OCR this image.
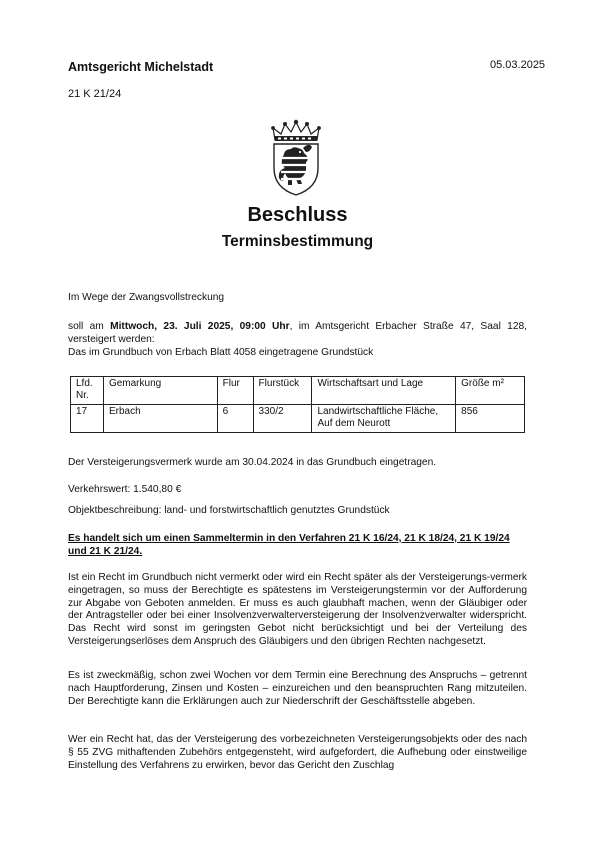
Amtsgericht Michelstadt	05.03.2025
21 K 21/24
Beschluss
Terminsbestimmung
Im Wege der Zwangsvollstreckung
soll am Mittwoch, 23. Juli 2025, 09:00 Uhr, im Amtsgericht Erbacher Straße 47, Saal 128, versteigert werden:
Das im Grundbuch von Erbach Blatt 4058 eingetragene Grundstück
Lfd. Nr.	Gemarkung	Flur	Flurstück	Wirtschaftsart und Lage	Größe m²
17	Erbach	6	330/2	Landwirtschaftliche Fläche, Auf dem Neurott	856
Der Versteigerungsvermerk wurde am 30.04.2024 in das Grundbuch eingetragen.
Verkehrswert: 1.540,80 €
Objektbeschreibung: land- und forstwirtschaftlich genutztes Grundstück
Es handelt sich um einen Sammeltermin in den Verfahren 21 K 16/24, 21 K 18/24, 21 K 19/24 und 21 K 21/24.
Ist ein Recht im Grundbuch nicht vermerkt oder wird ein Recht später als der Versteigerungs-vermerk eingetragen, so muss der Berechtigte es spätestens im Versteigerungstermin vor der Aufforderung zur Abgabe von Geboten anmelden. Er muss es auch glaubhaft machen, wenn der Gläubiger oder der Antragsteller oder bei einer Insolvenzverwalterversteigerung der Insolvenzverwalter widerspricht. Das Recht wird sonst im geringsten Gebot nicht berücksichtigt und bei der Verteilung des Versteigerungserlöses dem Anspruch des Gläubigers und den übrigen Rechten nachgesetzt.
Es ist zweckmäßig, schon zwei Wochen vor dem Termin eine Berechnung des Anspruchs – getrennt nach Hauptforderung, Zinsen und Kosten – einzureichen und den beanspruchten Rang mitzuteilen. Der Berechtigte kann die Erklärungen auch zur Niederschrift der Geschäftsstelle abgeben.
Wer ein Recht hat, das der Versteigerung des vorbezeichneten Versteigerungsobjekts oder des nach § 55 ZVG mithaftenden Zubehörs entgegensteht, wird aufgefordert, die Aufhebung oder einstweilige Einstellung des Verfahrens zu erwirken, bevor das Gericht den Zuschlag
